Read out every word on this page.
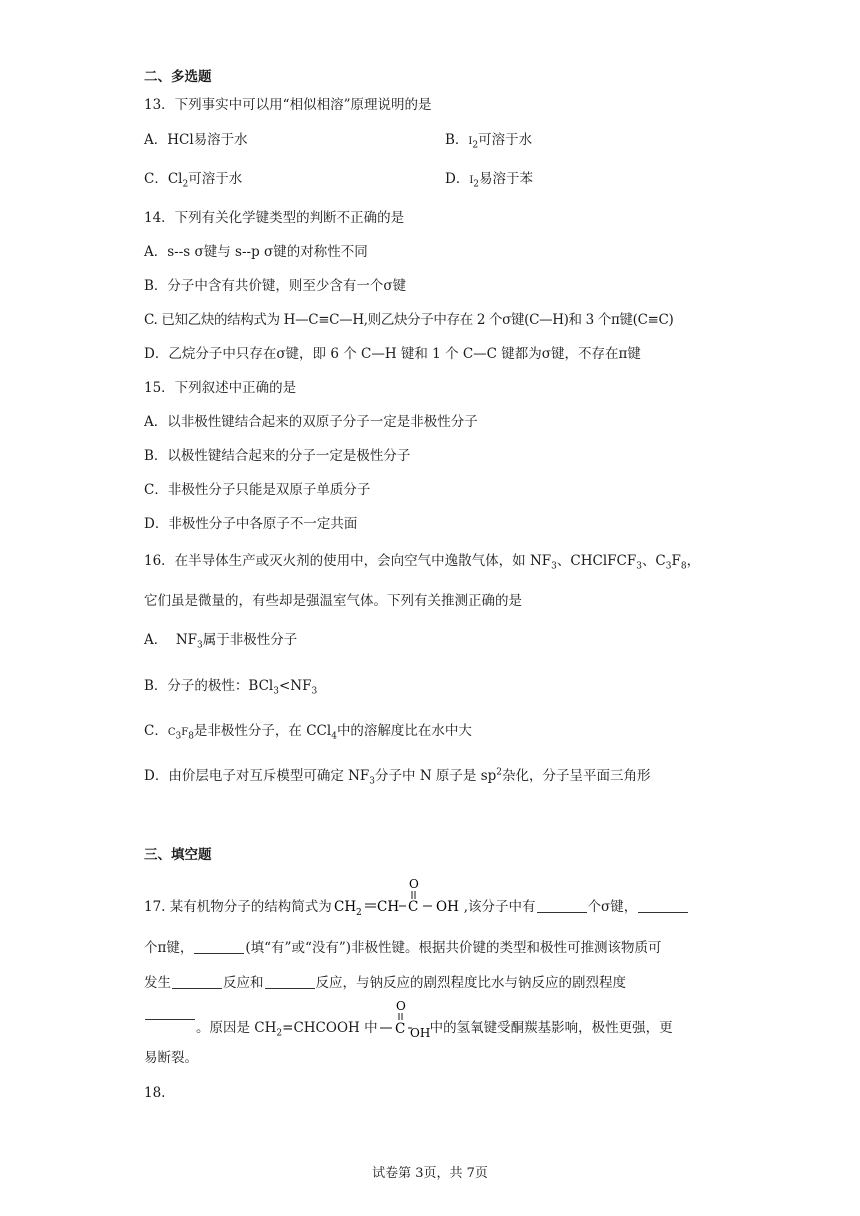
二、多选题
13．下列事实中可以用“相似相溶”原理说明的是
A．HCl易溶于水	B．$I_2$可溶于水
C．$Cl_2$可溶于水	D．$I_2$易溶于苯
14．下列有关化学键类型的判断不正确的是
A．s--s σ键与 s--p σ键的对称性不同
B．分子中含有共价键，则至少含有一个σ键
C. 已知乙炔的结构式为 H—C≡C—H,则乙炔分子中存在 2 个σ键(C—H)和 3 个π键(C≡C)
D．乙烷分子中只存在σ键，即 6 个 C—H 键和 1 个 C—C 键都为σ键，不存在π键
15．下列叙述中正确的是
A．以非极性键结合起来的双原子分子一定是非极性分子
B．以极性键结合起来的分子一定是极性分子
C．非极性分子只能是双原子单质分子
D．非极性分子中各原子不一定共面
16．在半导体生产或灭火剂的使用中，会向空气中逸散气体，如 $NF_3$、CHClFCF$_3$、$C_3F_8$，
它们虽是微量的，有些却是强温室气体。下列有关推测正确的是
A． $NF_3$属于非极性分子
B．分子的极性：$BCl_3<NF_3$
C．$C_3F_8$是非极性分子，在 CCl$_4$中的溶解度比在水中大
D．由价层电子对互斥模型可确定 $NF_3$分子中 N 原子是 $sp^2$杂化，分子呈平面三角形
三、填空题
17. 某有机物分子的结构简式为 CH 2 CH C
O
OH ,该分子中有	个σ键，
个π键，	(填“有”或“没有”)非极性键。根据共价键的类型和极性可推测该物质可
发生	反应和	反应，与钠反应的剧烈程度比水与钠反应的剧烈程度
。原因是 $CH_2=CHCOOH$ 中
O
C OH 中的氢氧键受酮羰基影响，极性更强，更
易断裂。
18.
试卷第 3页，共 7页
